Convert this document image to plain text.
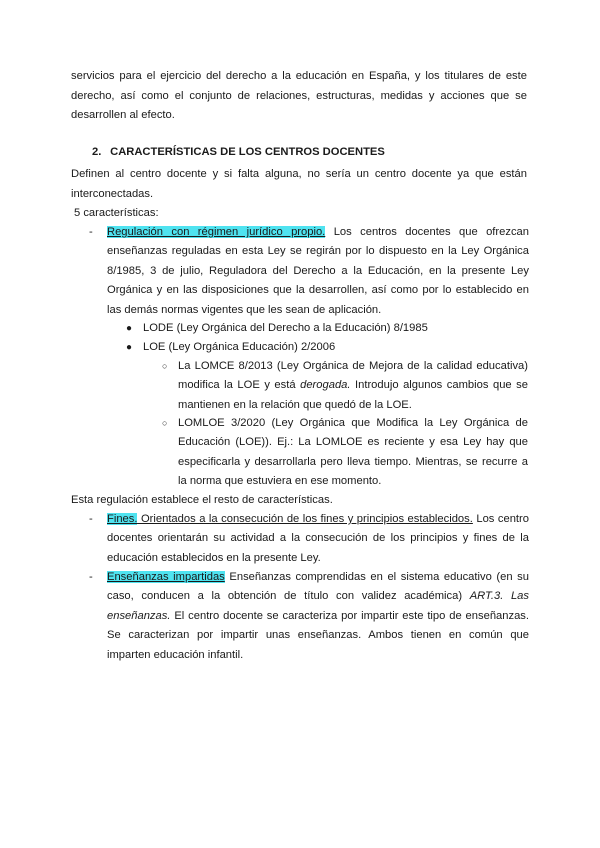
servicios para el ejercicio del derecho a la educación en España, y los titulares de este derecho, así como el conjunto de relaciones, estructuras, medidas y acciones que se desarrollen al efecto.

2. CARACTERÍSTICAS DE LOS CENTROS DOCENTES

Definen al centro docente y si falta alguna, no sería un centro docente ya que están interconectadas.

5 características:

- Regulación con régimen jurídico propio. Los centros docentes que ofrezcan enseñanzas reguladas en esta Ley se regirán por lo dispuesto en la Ley Orgánica 8/1985, 3 de julio, Reguladora del Derecho a la Educación, en la presente Ley Orgánica y en las disposiciones que la desarrollen, así como por lo establecido en las demás normas vigentes que les sean de aplicación.

● LODE (Ley Orgánica del Derecho a la Educación) 8/1985
● LOE (Ley Orgánica Educación) 2/2006
○ La LOMCE 8/2013 (Ley Orgánica de Mejora de la calidad educativa) modifica la LOE y está derogada. Introdujo algunos cambios que se mantienen en la relación que quedó de la LOE.

○ LOMLOE 3/2020 (Ley Orgánica que Modifica la Ley Orgánica de Educación (LOE)). Ej.: La LOMLOE es reciente y esa Ley hay que especificarla y desarrollarla pero lleva tiempo. Mientras, se recurre a la norma que estuviera en ese momento.

Esta regulación establece el resto de características.

- Fines. Orientados a la consecución de los fines y principios establecidos. Los centro docentes orientarán su actividad a la consecución de los principios y fines de la educación establecidos en la presente Ley.

- Enseñanzas impartidas Enseñanzas comprendidas en el sistema educativo (en su caso, conducen a la obtención de título con validez académica) ART.3. Las enseñanzas. El centro docente se caracteriza por impartir este tipo de enseñanzas. Se caracterizan por impartir unas enseñanzas. Ambos tienen en común que imparten educación infantil.
